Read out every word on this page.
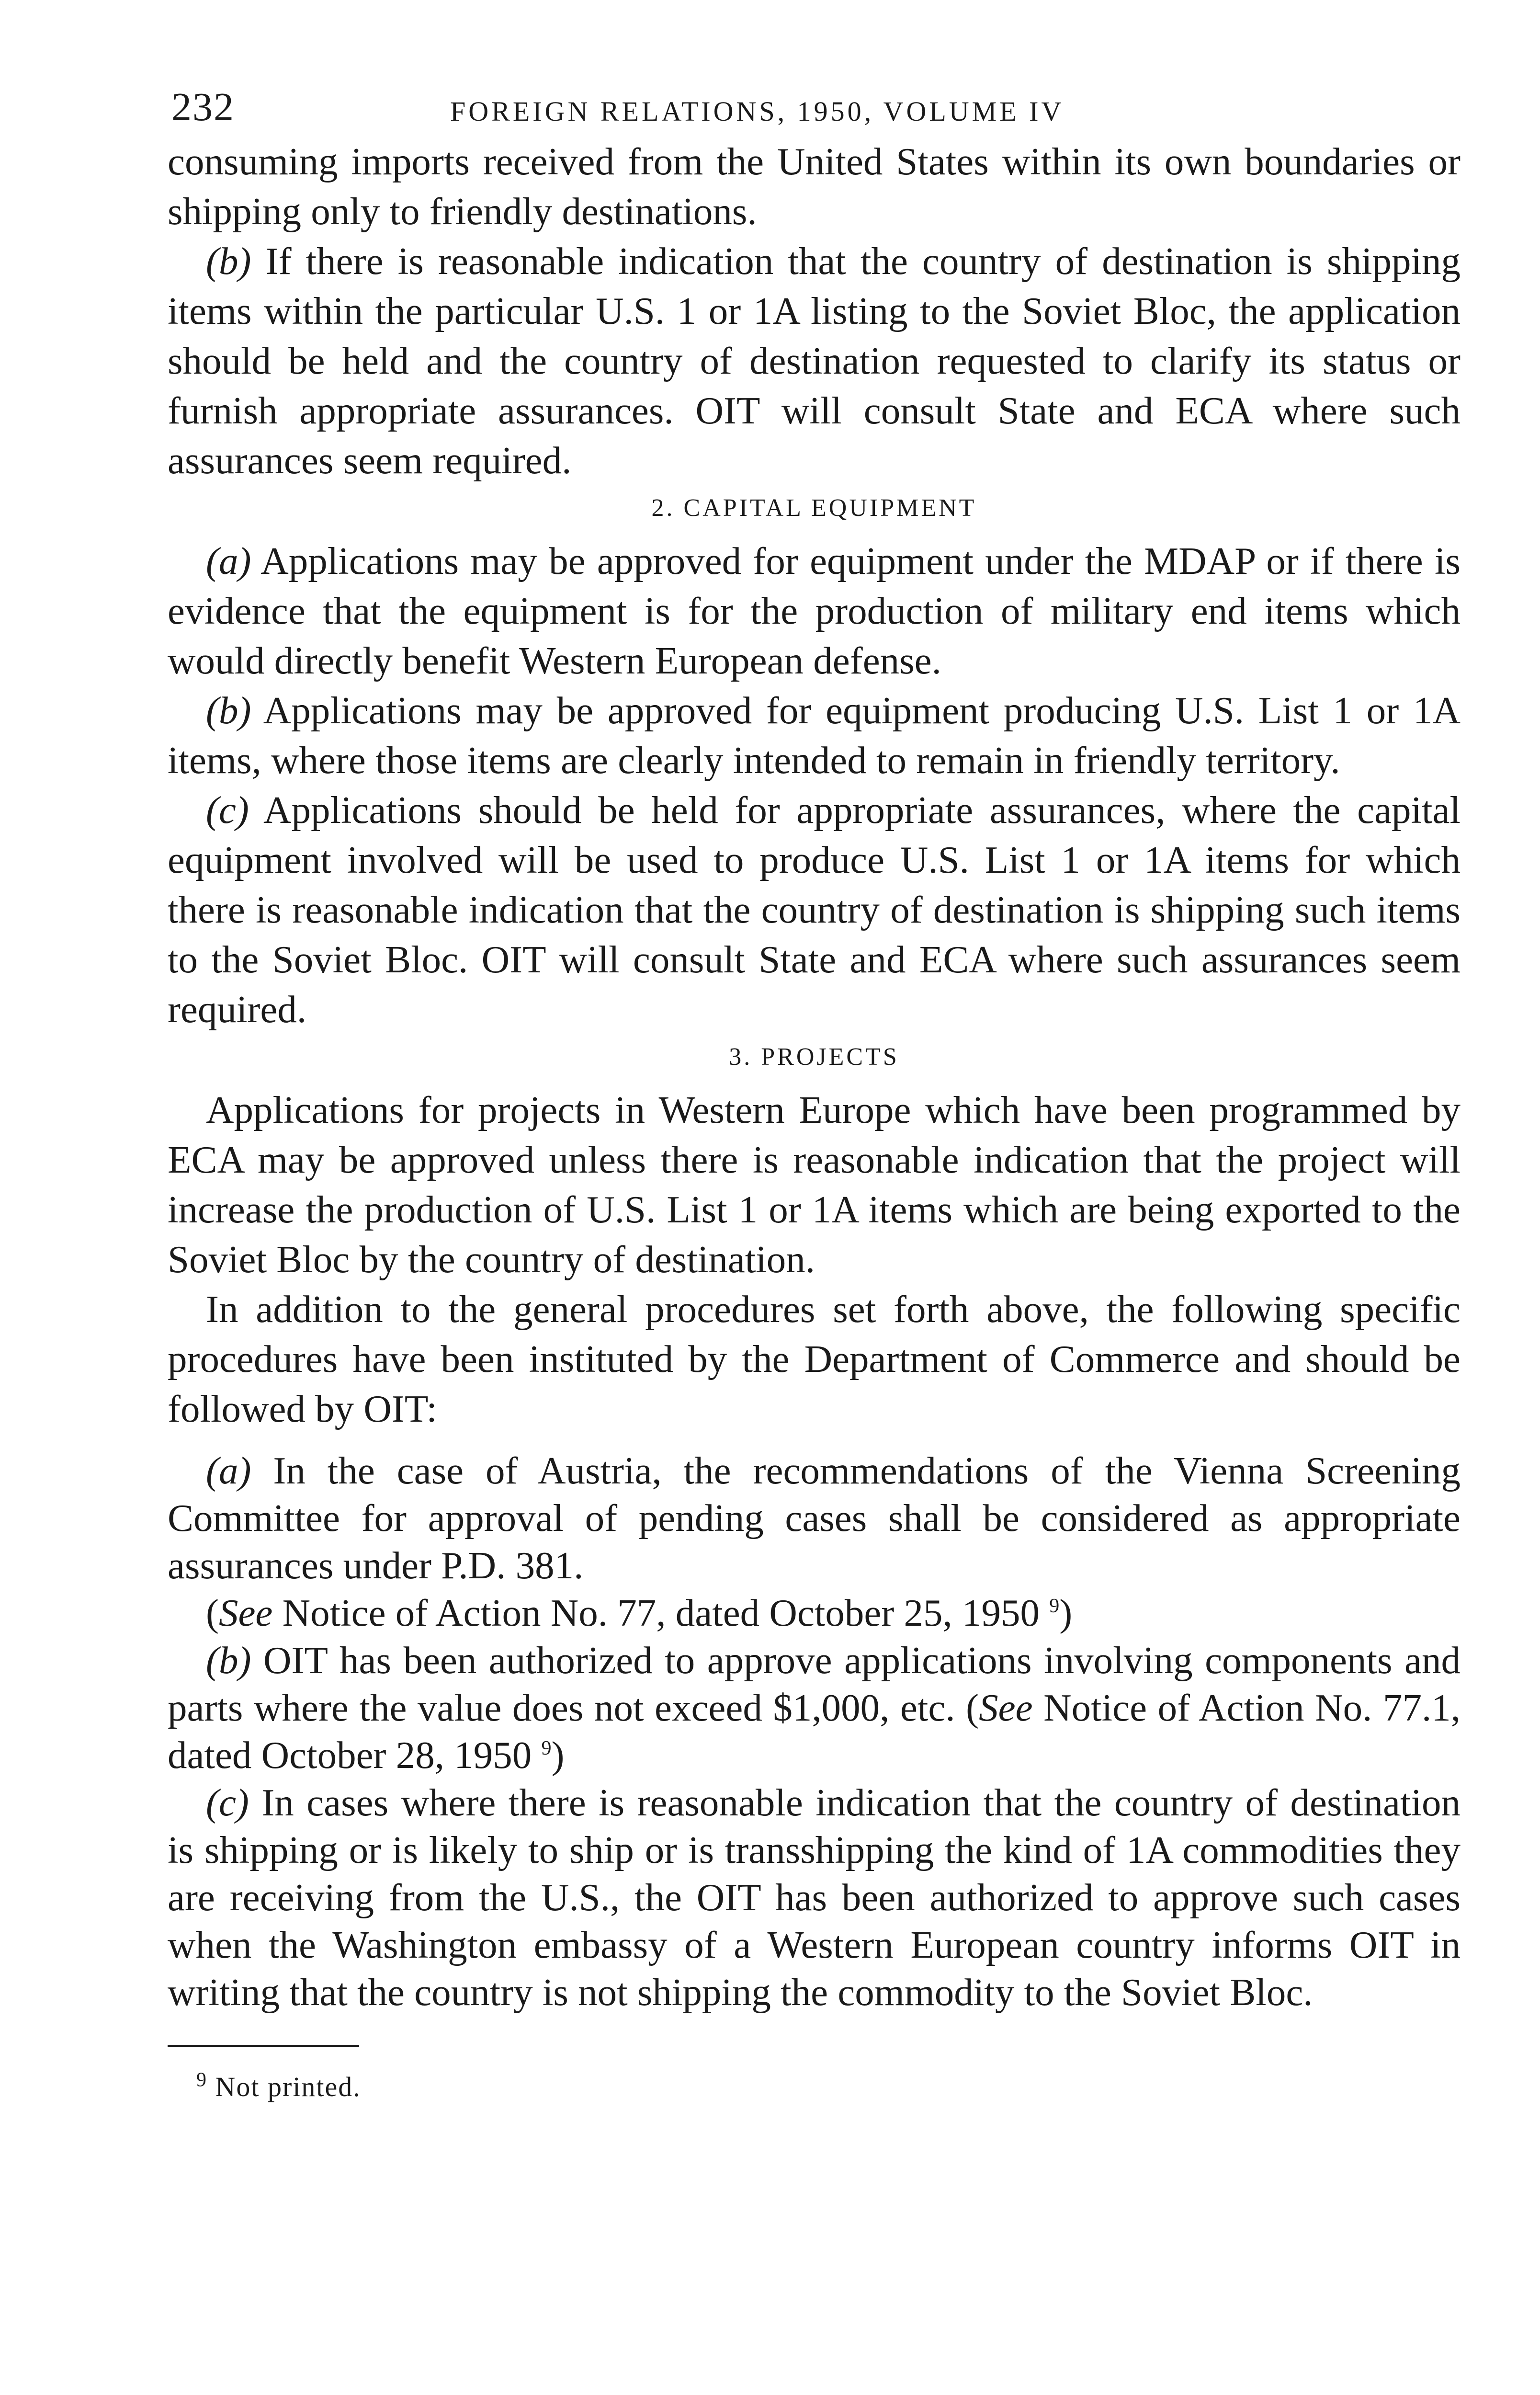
232	FOREIGN RELATIONS, 1950, VOLUME IV

consuming imports received from the United States within its own boundaries or shipping only to friendly destinations.

(b) If there is reasonable indication that the country of destination is shipping items within the particular U.S. 1 or 1A listing to the Soviet Bloc, the application should be held and the country of destination requested to clarify its status or furnish appropriate assurances. OIT will consult State and ECA where such assurances seem required.

2. CAPITAL EQUIPMENT

(a) Applications may be approved for equipment under the MDAP or if there is evidence that the equipment is for the production of military end items which would directly benefit Western European defense.

(b) Applications may be approved for equipment producing U.S. List 1 or 1A items, where those items are clearly intended to remain in friendly territory.

(c) Applications should be held for appropriate assurances, where the capital equipment involved will be used to produce U.S. List 1 or 1A items for which there is reasonable indication that the country of destination is shipping such items to the Soviet Bloc. OIT will consult State and ECA where such assurances seem required.

3. PROJECTS

Applications for projects in Western Europe which have been programmed by ECA may be approved unless there is reasonable indication that the project will increase the production of U.S. List 1 or 1A items which are being exported to the Soviet Bloc by the country of destination.

In addition to the general procedures set forth above, the following specific procedures have been instituted by the Department of Commerce and should be followed by OIT:

(a) In the case of Austria, the recommendations of the Vienna Screening Committee for approval of pending cases shall be considered as appropriate assurances under P.D. 381.

(See Notice of Action No. 77, dated October 25, 1950 $^9$)

(b) OIT has been authorized to approve applications involving components and parts where the value does not exceed $1,000, etc. (See Notice of Action No. 77.1, dated October 28, 1950 $^9$)

(c) In cases where there is reasonable indication that the country of destination is shipping or is likely to ship or is transshipping the kind of 1A commodities they are receiving from the U.S., the OIT has been authorized to approve such cases when the Washington embassy of a Western European country informs OIT in writing that the country is not shipping the commodity to the Soviet Bloc.

$^9$ Not printed.
